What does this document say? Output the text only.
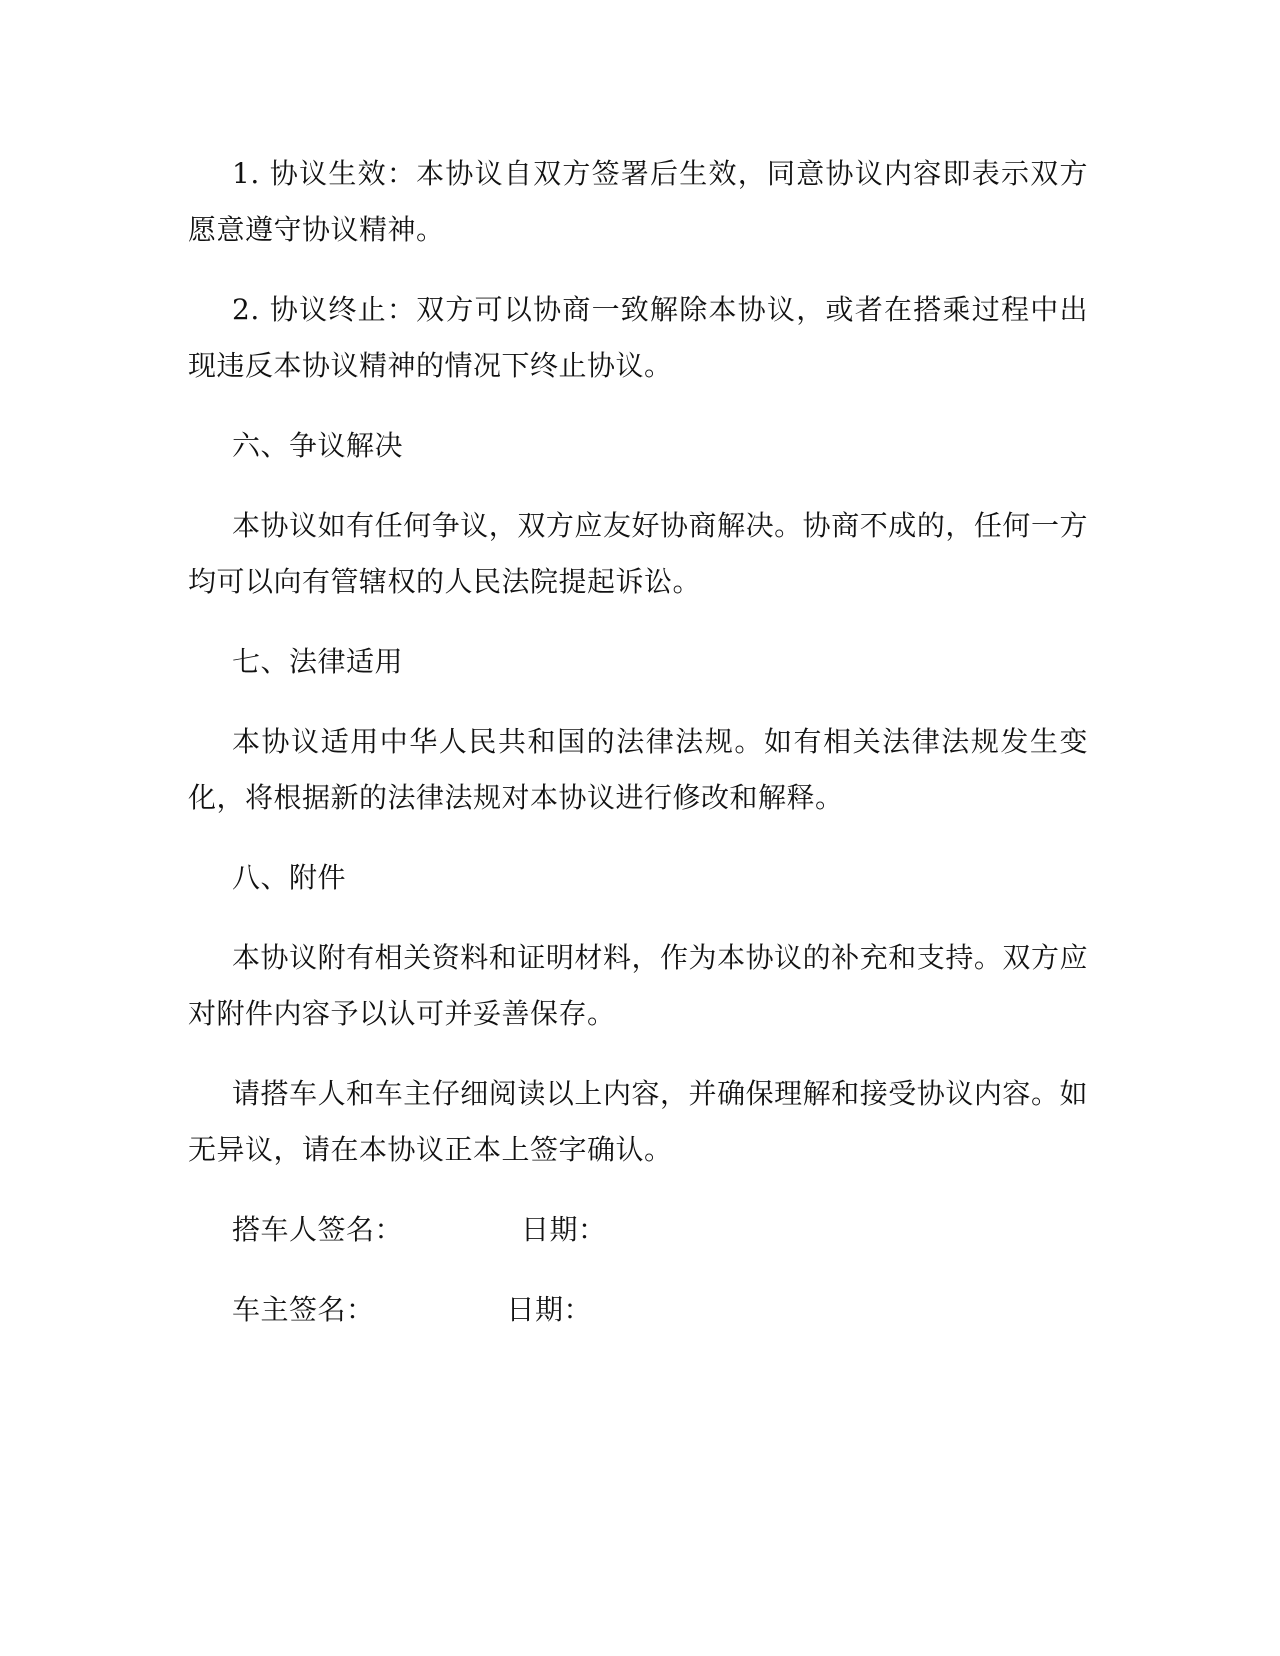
1. 协议生效：本协议自双方签署后生效，同意协议内容即表示双方愿意遵守协议精神。

2. 协议终止：双方可以协商一致解除本协议，或者在搭乘过程中出现违反本协议精神的情况下终止协议。

六、争议解决

本协议如有任何争议，双方应友好协商解决。协商不成的，任何一方均可以向有管辖权的人民法院提起诉讼。

七、法律适用

本协议适用中华人民共和国的法律法规。如有相关法律法规发生变化，将根据新的法律法规对本协议进行修改和解释。

八、附件

本协议附有相关资料和证明材料，作为本协议的补充和支持。双方应对附件内容予以认可并妥善保存。

请搭车人和车主仔细阅读以上内容，并确保理解和接受协议内容。如无异议，请在本协议正本上签字确认。

搭车人签名：	日期：

车主签名：	日期：
